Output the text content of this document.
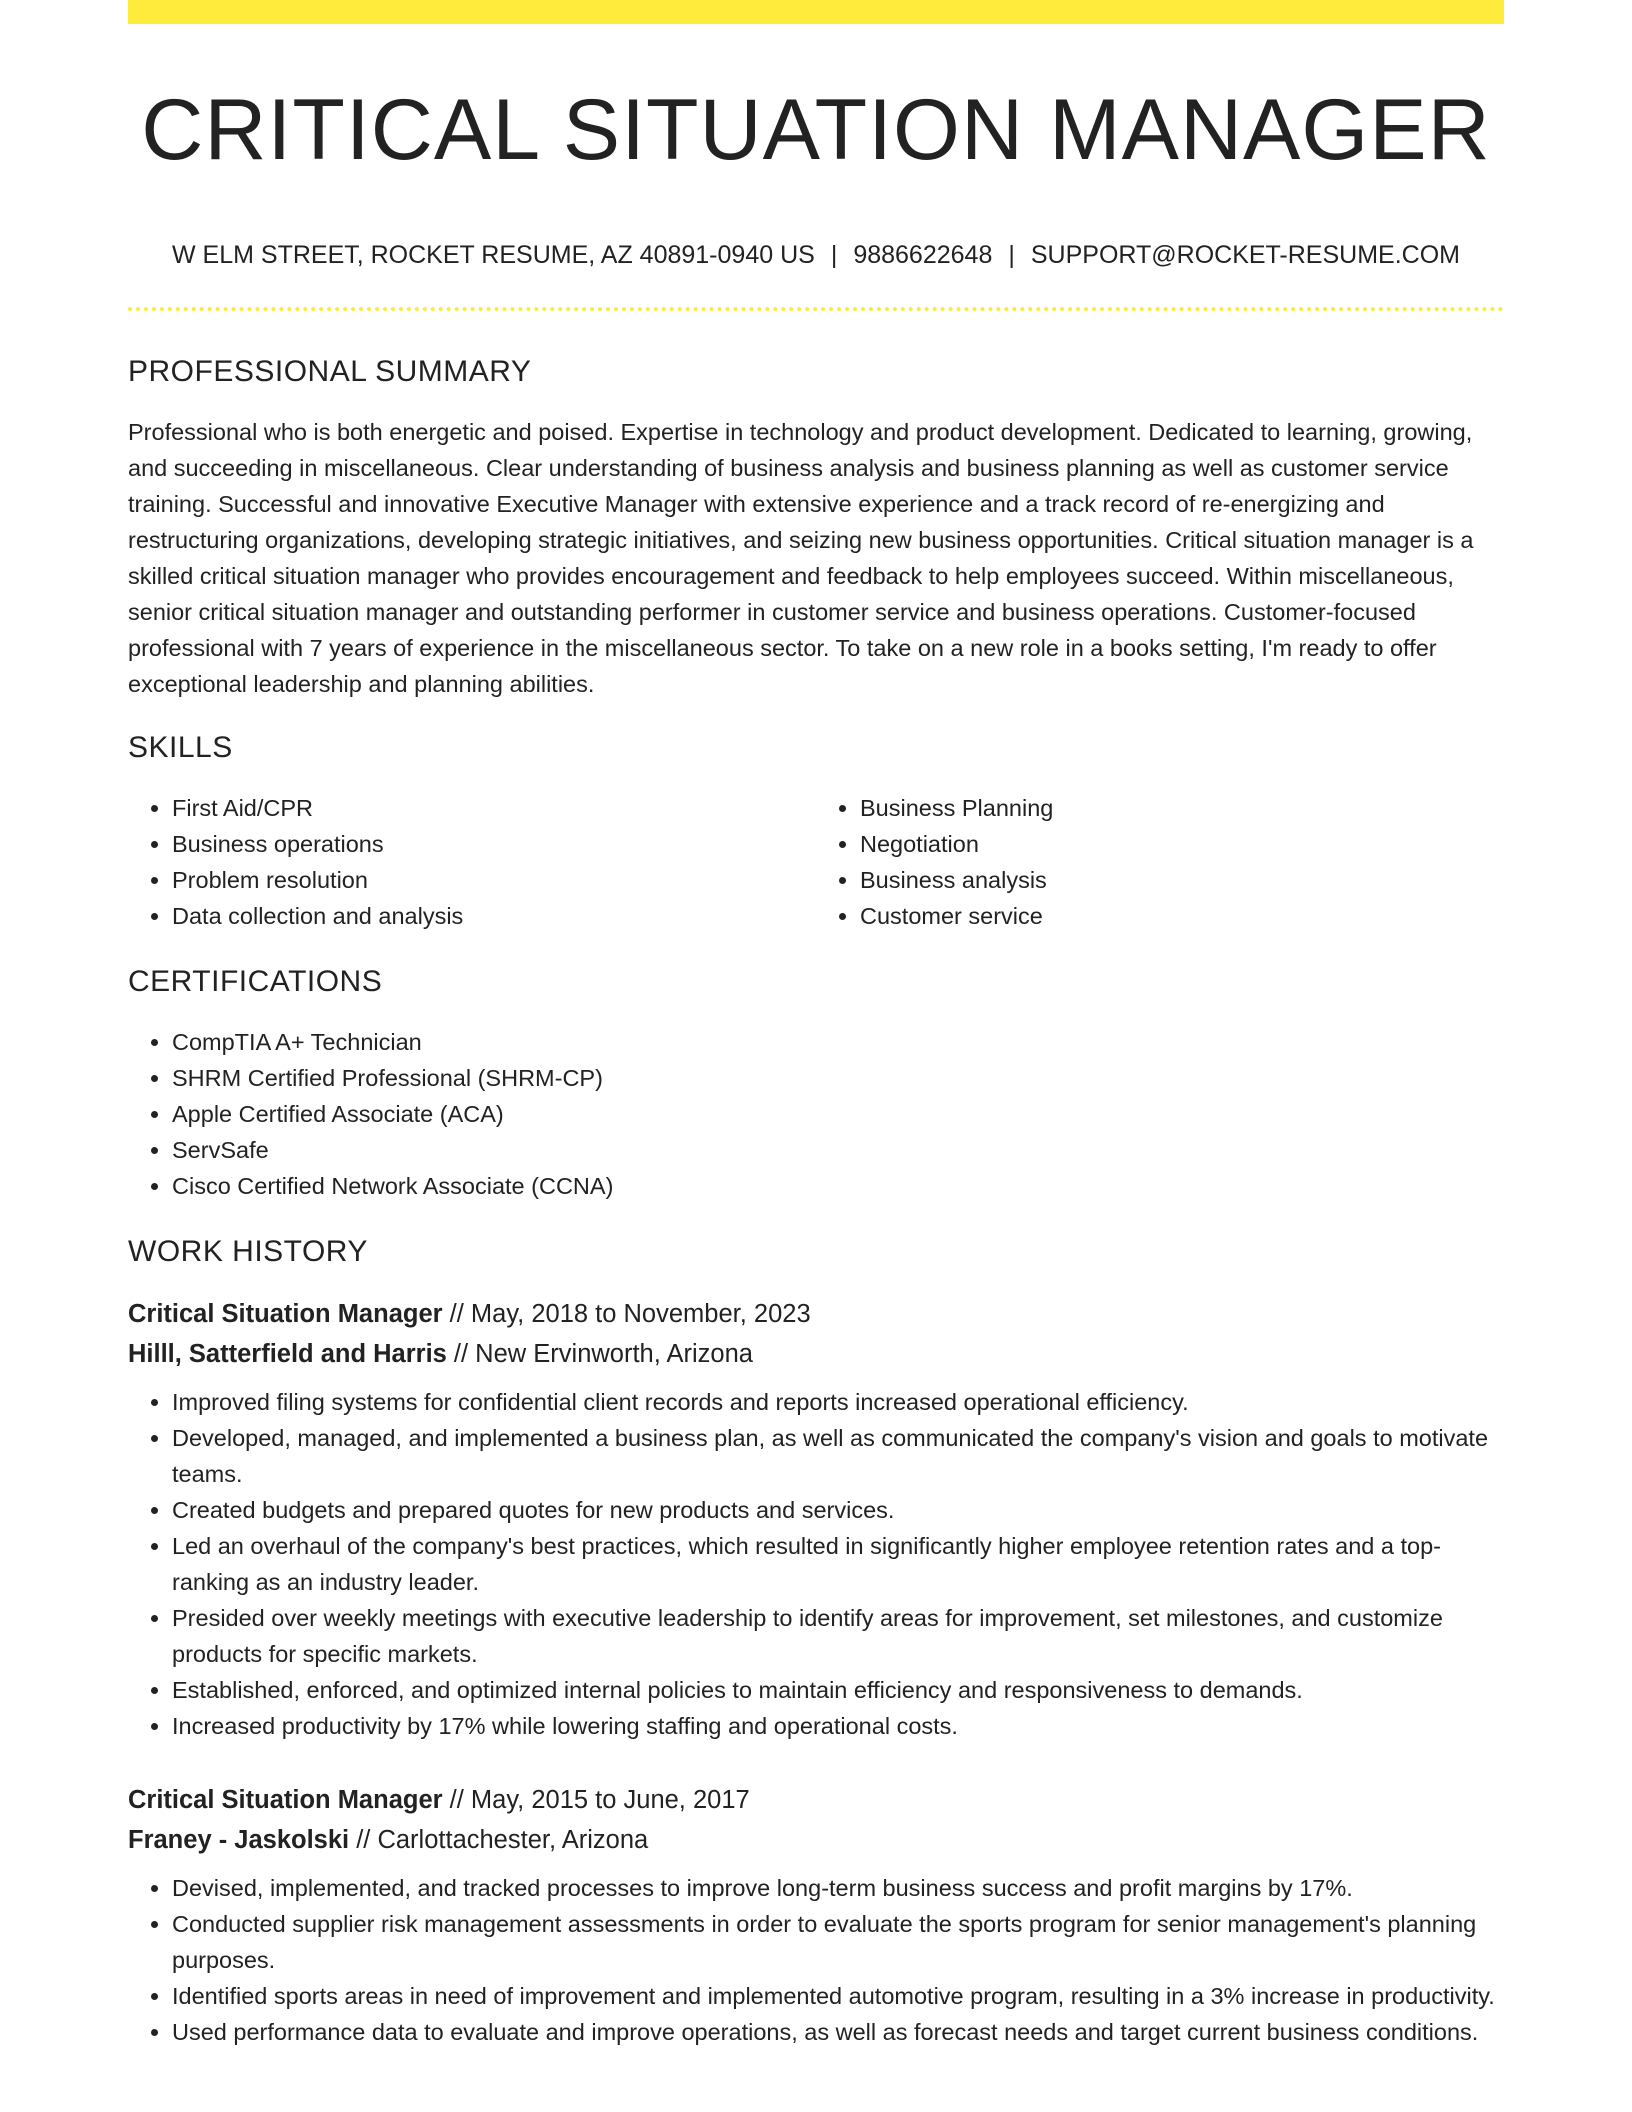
CRITICAL SITUATION MANAGER
W ELM STREET, ROCKET RESUME, AZ 40891-0940 US | 9886622648 | SUPPORT@ROCKET-RESUME.COM
PROFESSIONAL SUMMARY

Professional who is both energetic and poised. Expertise in technology and product development. Dedicated to learning, growing, and succeeding in miscellaneous. Clear understanding of business analysis and business planning as well as customer service training. Successful and innovative Executive Manager with extensive experience and a track record of re-energizing and restructuring organizations, developing strategic initiatives, and seizing new business opportunities. Critical situation manager is a skilled critical situation manager who provides encouragement and feedback to help employees succeed. Within miscellaneous, senior critical situation manager and outstanding performer in customer service and business operations. Customer-focused professional with 7 years of experience in the miscellaneous sector. To take on a new role in a books setting, I'm ready to offer exceptional leadership and planning abilities.

SKILLS
• First Aid/CPR
• Business operations
• Problem resolution
• Data collection and analysis
• Business Planning
• Negotiation
• Business analysis
• Customer service
CERTIFICATIONS
• CompTIA A+ Technician
• SHRM Certified Professional (SHRM-CP)
• Apple Certified Associate (ACA)
• ServSafe
• Cisco Certified Network Associate (CCNA)
WORK HISTORY
Critical Situation Manager // May, 2018 to November, 2023
Hilll, Satterfield and Harris // New Ervinworth, Arizona
• Improved filing systems for confidential client records and reports increased operational efficiency.
• Developed, managed, and implemented a business plan, as well as communicated the company's vision and goals to motivate teams.
• Created budgets and prepared quotes for new products and services.
• Led an overhaul of the company's best practices, which resulted in significantly higher employee retention rates and a top-ranking as an industry leader.
• Presided over weekly meetings with executive leadership to identify areas for improvement, set milestones, and customize products for specific markets.
• Established, enforced, and optimized internal policies to maintain efficiency and responsiveness to demands.
• Increased productivity by 17% while lowering staffing and operational costs.
Critical Situation Manager // May, 2015 to June, 2017
Franey - Jaskolski // Carlottachester, Arizona
• Devised, implemented, and tracked processes to improve long-term business success and profit margins by 17%.
• Conducted supplier risk management assessments in order to evaluate the sports program for senior management's planning purposes.
• Identified sports areas in need of improvement and implemented automotive program, resulting in a 3% increase in productivity.
• Used performance data to evaluate and improve operations, as well as forecast needs and target current business conditions.
